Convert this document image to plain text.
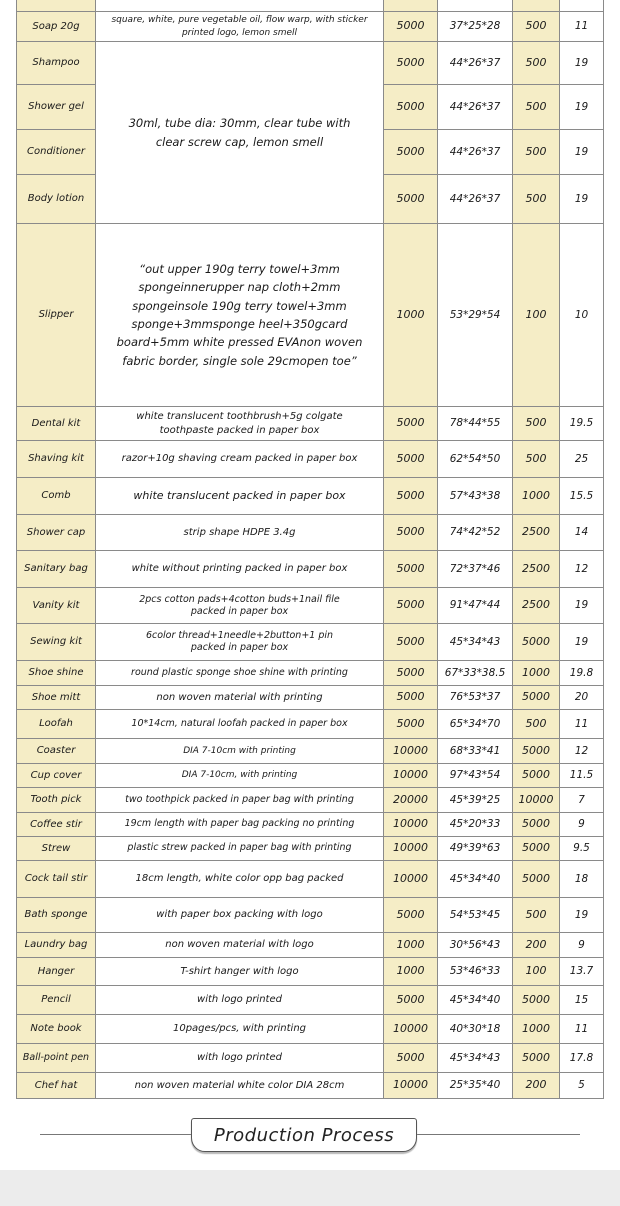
Soap 20g	square, white, pure vegetable oil, flow warp, with sticker printed logo, lemon smell	5000	37*25*28	500	11
Shampoo	30ml, tube dia: 30mm, clear tube with clear screw cap, lemon smell	5000	44*26*37	500	19
Shower gel		5000	44*26*37	500	19
Conditioner		5000	44*26*37	500	19
Body lotion		5000	44*26*37	500	19
Slipper	“out upper 190g terry towel+3mm spongeinnerupper nap cloth+2mm spongeinsole 190g terry towel+3mm sponge+3mmsponge heel+350gcard board+5mm white pressed EVAnon woven fabric border, single sole 29cmopen toe”	1000	53*29*54	100	10
Dental kit	white translucent toothbrush+5g colgate toothpaste packed in paper box	5000	78*44*55	500	19.5
Shaving kit	razor+10g shaving cream packed in paper box	5000	62*54*50	500	25
Comb	white translucent packed in paper box	5000	57*43*38	1000	15.5
Shower cap	strip shape HDPE 3.4g	5000	74*42*52	2500	14
Sanitary bag	white without printing packed in paper box	5000	72*37*46	2500	12
Vanity kit	2pcs cotton pads+4cotton buds+1nail file packed in paper box	5000	91*47*44	2500	19
Sewing kit	6color thread+1needle+2button+1 pin packed in paper box	5000	45*34*43	5000	19
Shoe shine	round plastic sponge shoe shine with printing	5000	67*33*38.5	1000	19.8
Shoe mitt	non woven material with printing	5000	76*53*37	5000	20
Loofah	10*14cm, natural loofah packed in paper box	5000	65*34*70	500	11
Coaster	DIA 7-10cm with printing	10000	68*33*41	5000	12
Cup cover	DIA 7-10cm, with printing	10000	97*43*54	5000	11.5
Tooth pick	two toothpick packed in paper bag with printing	20000	45*39*25	10000	7
Coffee stir	19cm length with paper bag packing no printing	10000	45*20*33	5000	9
Strew	plastic strew packed in paper bag with printing	10000	49*39*63	5000	9.5
Cock tail stir	18cm length, white color opp bag packed	10000	45*34*40	5000	18
Bath sponge	with paper box packing with logo	5000	54*53*45	500	19
Laundry bag	non woven material with logo	1000	30*56*43	200	9
Hanger	T-shirt hanger with logo	1000	53*46*33	100	13.7
Pencil	with logo printed	5000	45*34*40	5000	15
Note book	10pages/pcs, with printing	10000	40*30*18	1000	11
Ball-point pen	with logo printed	5000	45*34*43	5000	17.8
Chef hat	non woven material white color DIA 28cm	10000	25*35*40	200	5
Production Process
